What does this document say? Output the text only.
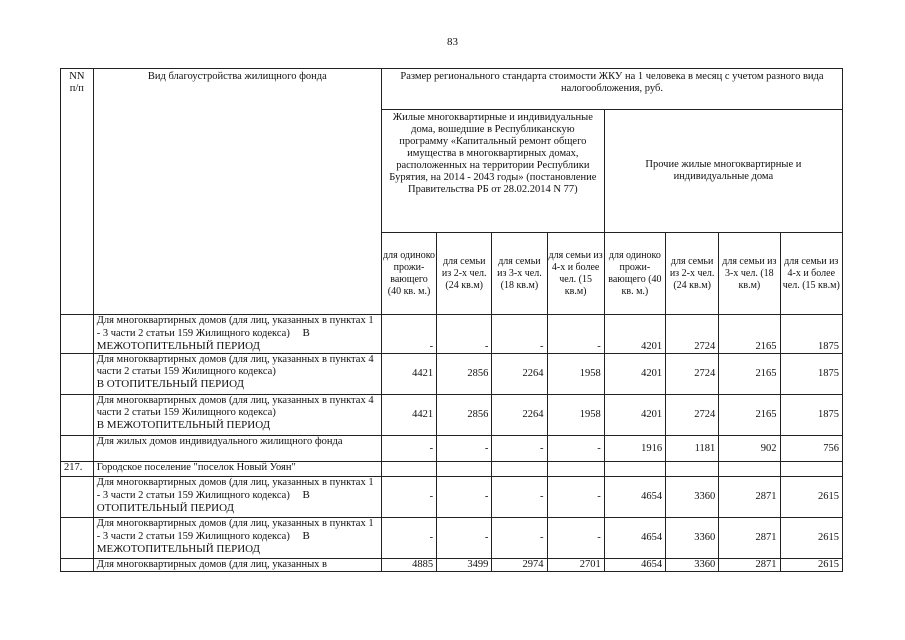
83
NN п/п	Вид благоустройства жилищного фонда	Размер регионального стандарта стоимости ЖКУ на 1 человека в месяц с учетом разного вида налогообложения, руб.							
		Жилые многоквартирные и индивидуальные дома, вошедшие в Республиканскую программу «Капитальный ремонт общего имущества в многоквартирных домах, расположенных на территории Республики Бурятия, на 2014 - 2043 годы» (постановление Правительства РБ от 28.02.2014 N 77)				Прочие жилые многоквартирные и индивидуальные дома			
		для одиноко прожи- вающего (40 кв. м.)	для семьи из 2-х чел. (24 кв.м)	для семьи из 3-х чел. (18 кв.м)	для семьи из 4-х и более чел. (15 кв.м)	для одиноко прожи- вающего (40 кв. м.)	для семьи из 2-х чел. (24 кв.м)	для семьи из 3-х чел. (18 кв.м)	для семьи из 4-х и более чел. (15 кв.м)
	Для многоквартирных домов (для лиц, указанных в пунктах 1 - 3 части 2 статьи 159 Жилищного кодекса) В МЕЖОТОПИТЕЛЬНЫЙ ПЕРИОД	-	-	-	-	4201	2724	2165	1875
	Для многоквартирных домов (для лиц, указанных в пунктах 4 части 2 статьи 159 Жилищного кодекса)
В ОТОПИТЕЛЬНЫЙ ПЕРИОД	4421	2856	2264	1958	4201	2724	2165	1875
	Для многоквартирных домов (для лиц, указанных в пунктах 4 части 2 статьи 159 Жилищного кодекса)
В МЕЖОТОПИТЕЛЬНЫЙ ПЕРИОД	4421	2856	2264	1958	4201	2724	2165	1875
	Для жилых домов индивидуального жилищного фонда	-	-	-	-	1916	1181	902	756
217.	Городское поселение "поселок Новый Уоян"								
	Для многоквартирных домов (для лиц, указанных в пунктах 1 - 3 части 2 статьи 159 Жилищного кодекса) В ОТОПИТЕЛЬНЫЙ ПЕРИОД	-	-	-	-	4654	3360	2871	2615
	Для многоквартирных домов (для лиц, указанных в пунктах 1 - 3 части 2 статьи 159 Жилищного кодекса) В МЕЖОТОПИТЕЛЬНЫЙ ПЕРИОД	-	-	-	-	4654	3360	2871	2615
	Для многоквартирных домов (для лиц, указанных в	4885	3499	2974	2701	4654	3360	2871	2615
